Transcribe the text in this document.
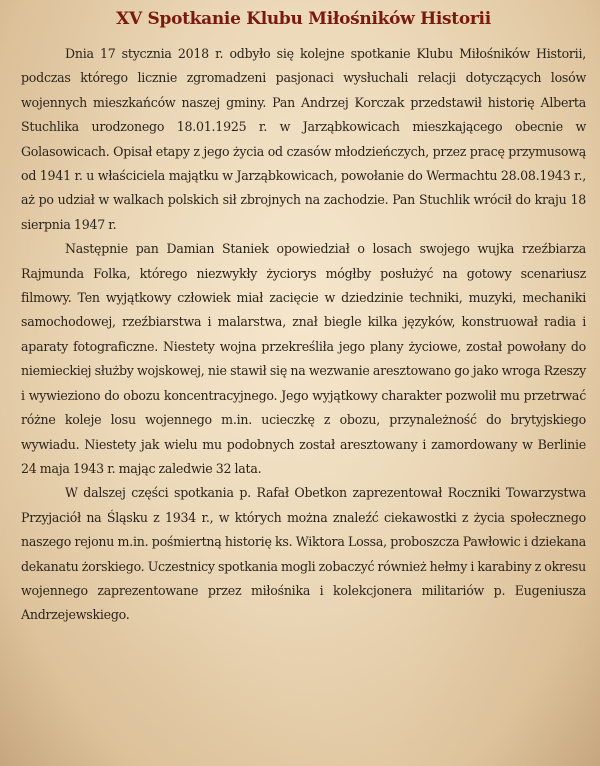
XV Spotkanie Klubu Miłośników Historii

Dnia 17 stycznia 2018 r. odbyło się kolejne spotkanie Klubu Miłośników Historii, podczas którego licznie zgromadzeni pasjonaci wysłuchali relacji dotyczących losów wojennych mieszkańców naszej gminy. Pan Andrzej Korczak przedstawił historię Alberta Stuchlika urodzonego 18.01.1925 r. w Jarząbkowicach mieszkającego obecnie w Golasowicach. Opisał etapy z jego życia od czasów młodzieńczych, przez pracę przymusową od 1941 r. u właściciela majątku w Jarząbkowicach, powołanie do Wermachtu 28.08.1943 r., aż po udział w walkach polskich sił zbrojnych na zachodzie. Pan Stuchlik wrócił do kraju 18 sierpnia 1947 r.

Następnie pan Damian Staniek opowiedział o losach swojego wujka rzeźbiarza Rajmunda Folka, którego niezwykły życiorys mógłby posłużyć na gotowy scenariusz filmowy. Ten wyjątkowy człowiek miał zacięcie w dziedzinie techniki, muzyki, mechaniki samochodowej, rzeźbiarstwa i malarstwa, znał biegle kilka języków, konstruował radia i aparaty fotograficzne. Niestety wojna przekreśliła jego plany życiowe, został powołany do niemieckiej służby wojskowej, nie stawił się na wezwanie aresztowano go jako wroga Rzeszy i wywieziono do obozu koncentracyjnego. Jego wyjątkowy charakter pozwolił mu przetrwać różne koleje losu wojennego m.in. ucieczkę z obozu, przynależność do brytyjskiego wywiadu. Niestety jak wielu mu podobnych został aresztowany i zamordowany w Berlinie 24 maja 1943 r. mając zaledwie 32 lata.

W dalszej części spotkania p. Rafał Obetkon zaprezentował Roczniki Towarzystwa Przyjaciół na Śląsku z 1934 r., w których można znaleźć ciekawostki z życia społecznego naszego rejonu m.in. pośmiertną historię ks. Wiktora Lossa, proboszcza Pawłowic i dziekana dekanatu żorskiego. Uczestnicy spotkania mogli zobaczyć również hełmy i karabiny z okresu wojennego zaprezentowane przez miłośnika i kolekcjonera militariów p. Eugeniusza Andrzejewskiego.
